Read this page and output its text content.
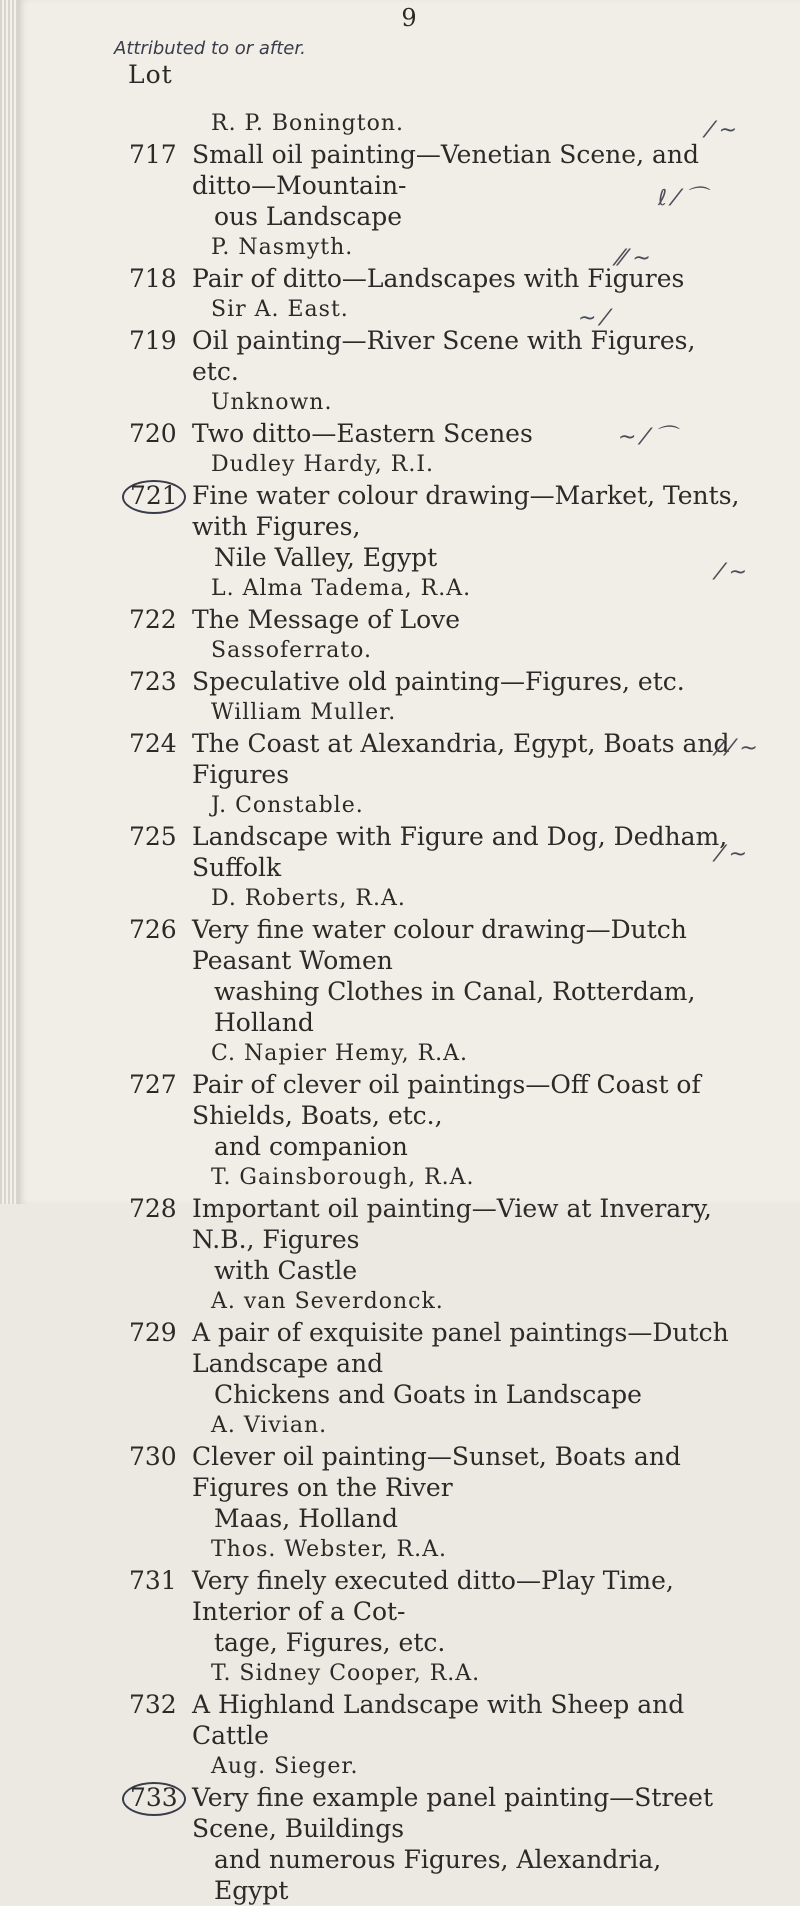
9
Attributed to or after.
Lot
R. P. Bonington.
717 Small oil painting—Venetian Scene, and ditto—Mountain-
ous Landscape
P. Nasmyth.
718 Pair of ditto—Landscapes with Figures
Sir A. East.
719 Oil painting—River Scene with Figures, etc.
Unknown.
720 Two ditto—Eastern Scenes
Dudley Hardy, R.I.
721 Fine water colour drawing—Market, Tents, with Figures,
Nile Valley, Egypt
L. Alma Tadema, R.A.
722 The Message of Love
Sassoferrato.
723 Speculative old painting—Figures, etc.
William Muller.
724 The Coast at Alexandria, Egypt, Boats and Figures
J. Constable.
725 Landscape with Figure and Dog, Dedham, Suffolk
D. Roberts, R.A.
726 Very fine water colour drawing—Dutch Peasant Women
washing Clothes in Canal, Rotterdam, Holland
C. Napier Hemy, R.A.
727 Pair of clever oil paintings—Off Coast of Shields, Boats, etc.,
and companion
T. Gainsborough, R.A.
728 Important oil painting—View at Inverary, N.B., Figures
with Castle
A. van Severdonck.
729 A pair of exquisite panel paintings—Dutch Landscape and
Chickens and Goats in Landscape
A. Vivian.
730 Clever oil painting—Sunset, Boats and Figures on the River
Maas, Holland
Thos. Webster, R.A.
731 Very finely executed ditto—Play Time, Interior of a Cot-
tage, Figures, etc.
T. Sidney Cooper, R.A.
732 A Highland Landscape with Sheep and Cattle
Aug. Sieger.
733 Very fine example panel painting—Street Scene, Buildings
and numerous Figures, Alexandria, Egypt
⁄ ~
ℓ ⁄ ⌒
⁄⁄ ~
~ ⁄
~ ⁄ ⌒
⁄ ~
⁄ ⁄ ~
⁄ ~
